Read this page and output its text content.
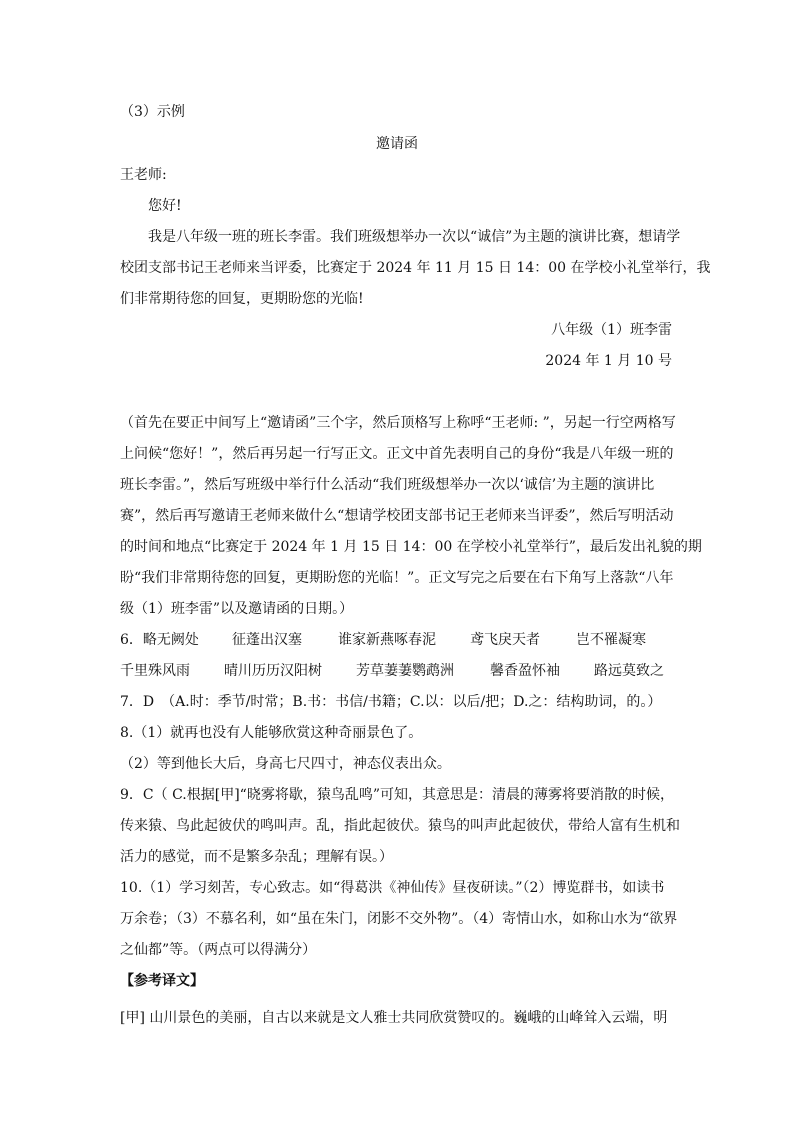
（3）示例
邀请函
王老师:
您好!
我是八年级一班的班长李雷。我们班级想举办一次以“诚信”为主题的演讲比赛，想请学
校团支部书记王老师来当评委，比赛定于 2024 年 11 月 15 日 14：00 在学校小礼堂举行，我
们非常期待您的回复，更期盼您的光临!
八年级（1）班李雷
2024 年 1 月 10 号
（首先在要正中间写上“邀请函”三个字，然后顶格写上称呼“王老师: ”，另起一行空两格写
上问候“您好！”，然后再另起一行写正文。正文中首先表明自己的身份“我是八年级一班的
班长李雷。”，然后写班级中举行什么活动“我们班级想举办一次以‘诚信’为主题的演讲比
赛”，然后再写邀请王老师来做什么“想请学校团支部书记王老师来当评委”，然后写明活动
的时间和地点“比赛定于 2024 年 1 月 15 日 14：00 在学校小礼堂举行”，最后发出礼貌的期
盼“我们非常期待您的回复，更期盼您的光临！”。正文写完之后要在右下角写上落款“八年
级（1）班李雷”以及邀请函的日期。）
6．略无阙处 征蓬出汉塞	谁家新燕啄春泥 鸢飞戾天者	岂不罹凝寒
千里殊风雨 晴川历历汉阳树 芳草萋萋鹦鹉洲	馨香盈怀袖 路远莫致之
7．D　（A.时：季节/时常；B.书：书信/书籍；C.以：以后/把；D.之：结构助词，的。）
8.（1）就再也没有人能够欣赏这种奇丽景色了。
（2）等到他长大后，身高七尺四寸，神态仪表出众。
9．C（ C.根据[甲]“晓雾将歇，猿鸟乱鸣”可知，其意思是：清晨的薄雾将要消散的时候，
传来猿、鸟此起彼伏的鸣叫声。乱，指此起彼伏。猿鸟的叫声此起彼伏，带给人富有生机和
活力的感觉，而不是繁多杂乱；理解有误。）
10.（1）学习刻苦，专心致志。如“得葛洪《神仙传》昼夜研读。”（2）博览群书，如读书
万余卷；（3）不慕名利，如“虽在朱门，闭影不交外物”。（4）寄情山水，如称山水为“欲界
之仙都”等。（两点可以得满分）
【参考译文】
[甲] 山川景色的美丽，自古以来就是文人雅士共同欣赏赞叹的。巍峨的山峰耸入云端，明
